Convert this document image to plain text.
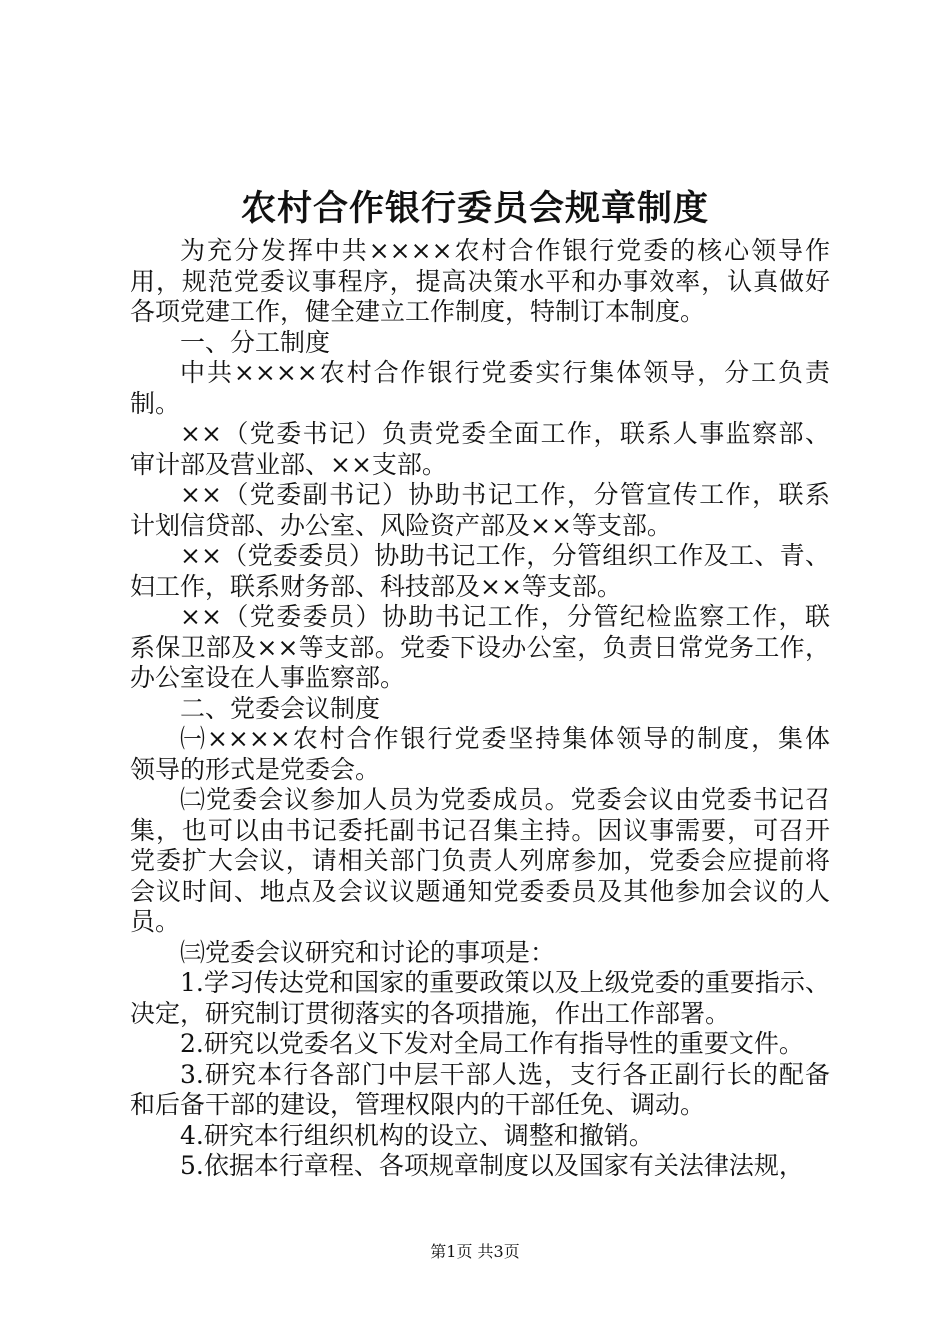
农村合作银行委员会规章制度
为充分发挥中共××××农村合作银行党委的核心领导作
用，规范党委议事程序，提高决策水平和办事效率，认真做好
各项党建工作，健全建立工作制度，特制订本制度。
一、分工制度
中共××××农村合作银行党委实行集体领导，分工负责
制。
××（党委书记）负责党委全面工作，联系人事监察部、
审计部及营业部、××支部。
××（党委副书记）协助书记工作，分管宣传工作，联系
计划信贷部、办公室、风险资产部及××等支部。
××（党委委员）协助书记工作，分管组织工作及工、青、
妇工作，联系财务部、科技部及××等支部。
××（党委委员）协助书记工作，分管纪检监察工作，联
系保卫部及××等支部。党委下设办公室，负责日常党务工作，
办公室设在人事监察部。
二、党委会议制度
㈠××××农村合作银行党委坚持集体领导的制度，集体
领导的形式是党委会。
㈡党委会议参加人员为党委成员。党委会议由党委书记召
集，也可以由书记委托副书记召集主持。因议事需要，可召开
党委扩大会议，请相关部门负责人列席参加，党委会应提前将
会议时间、地点及会议议题通知党委委员及其他参加会议的人
员。
㈢党委会议研究和讨论的事项是：
1.学习传达党和国家的重要政策以及上级党委的重要指示、
决定，研究制订贯彻落实的各项措施，作出工作部署。
2.研究以党委名义下发对全局工作有指导性的重要文件。
3.研究本行各部门中层干部人选，支行各正副行长的配备
和后备干部的建设，管理权限内的干部任免、调动。
4.研究本行组织机构的设立、调整和撤销。
5.依据本行章程、各项规章制度以及国家有关法律法规，
第1页 共3页
